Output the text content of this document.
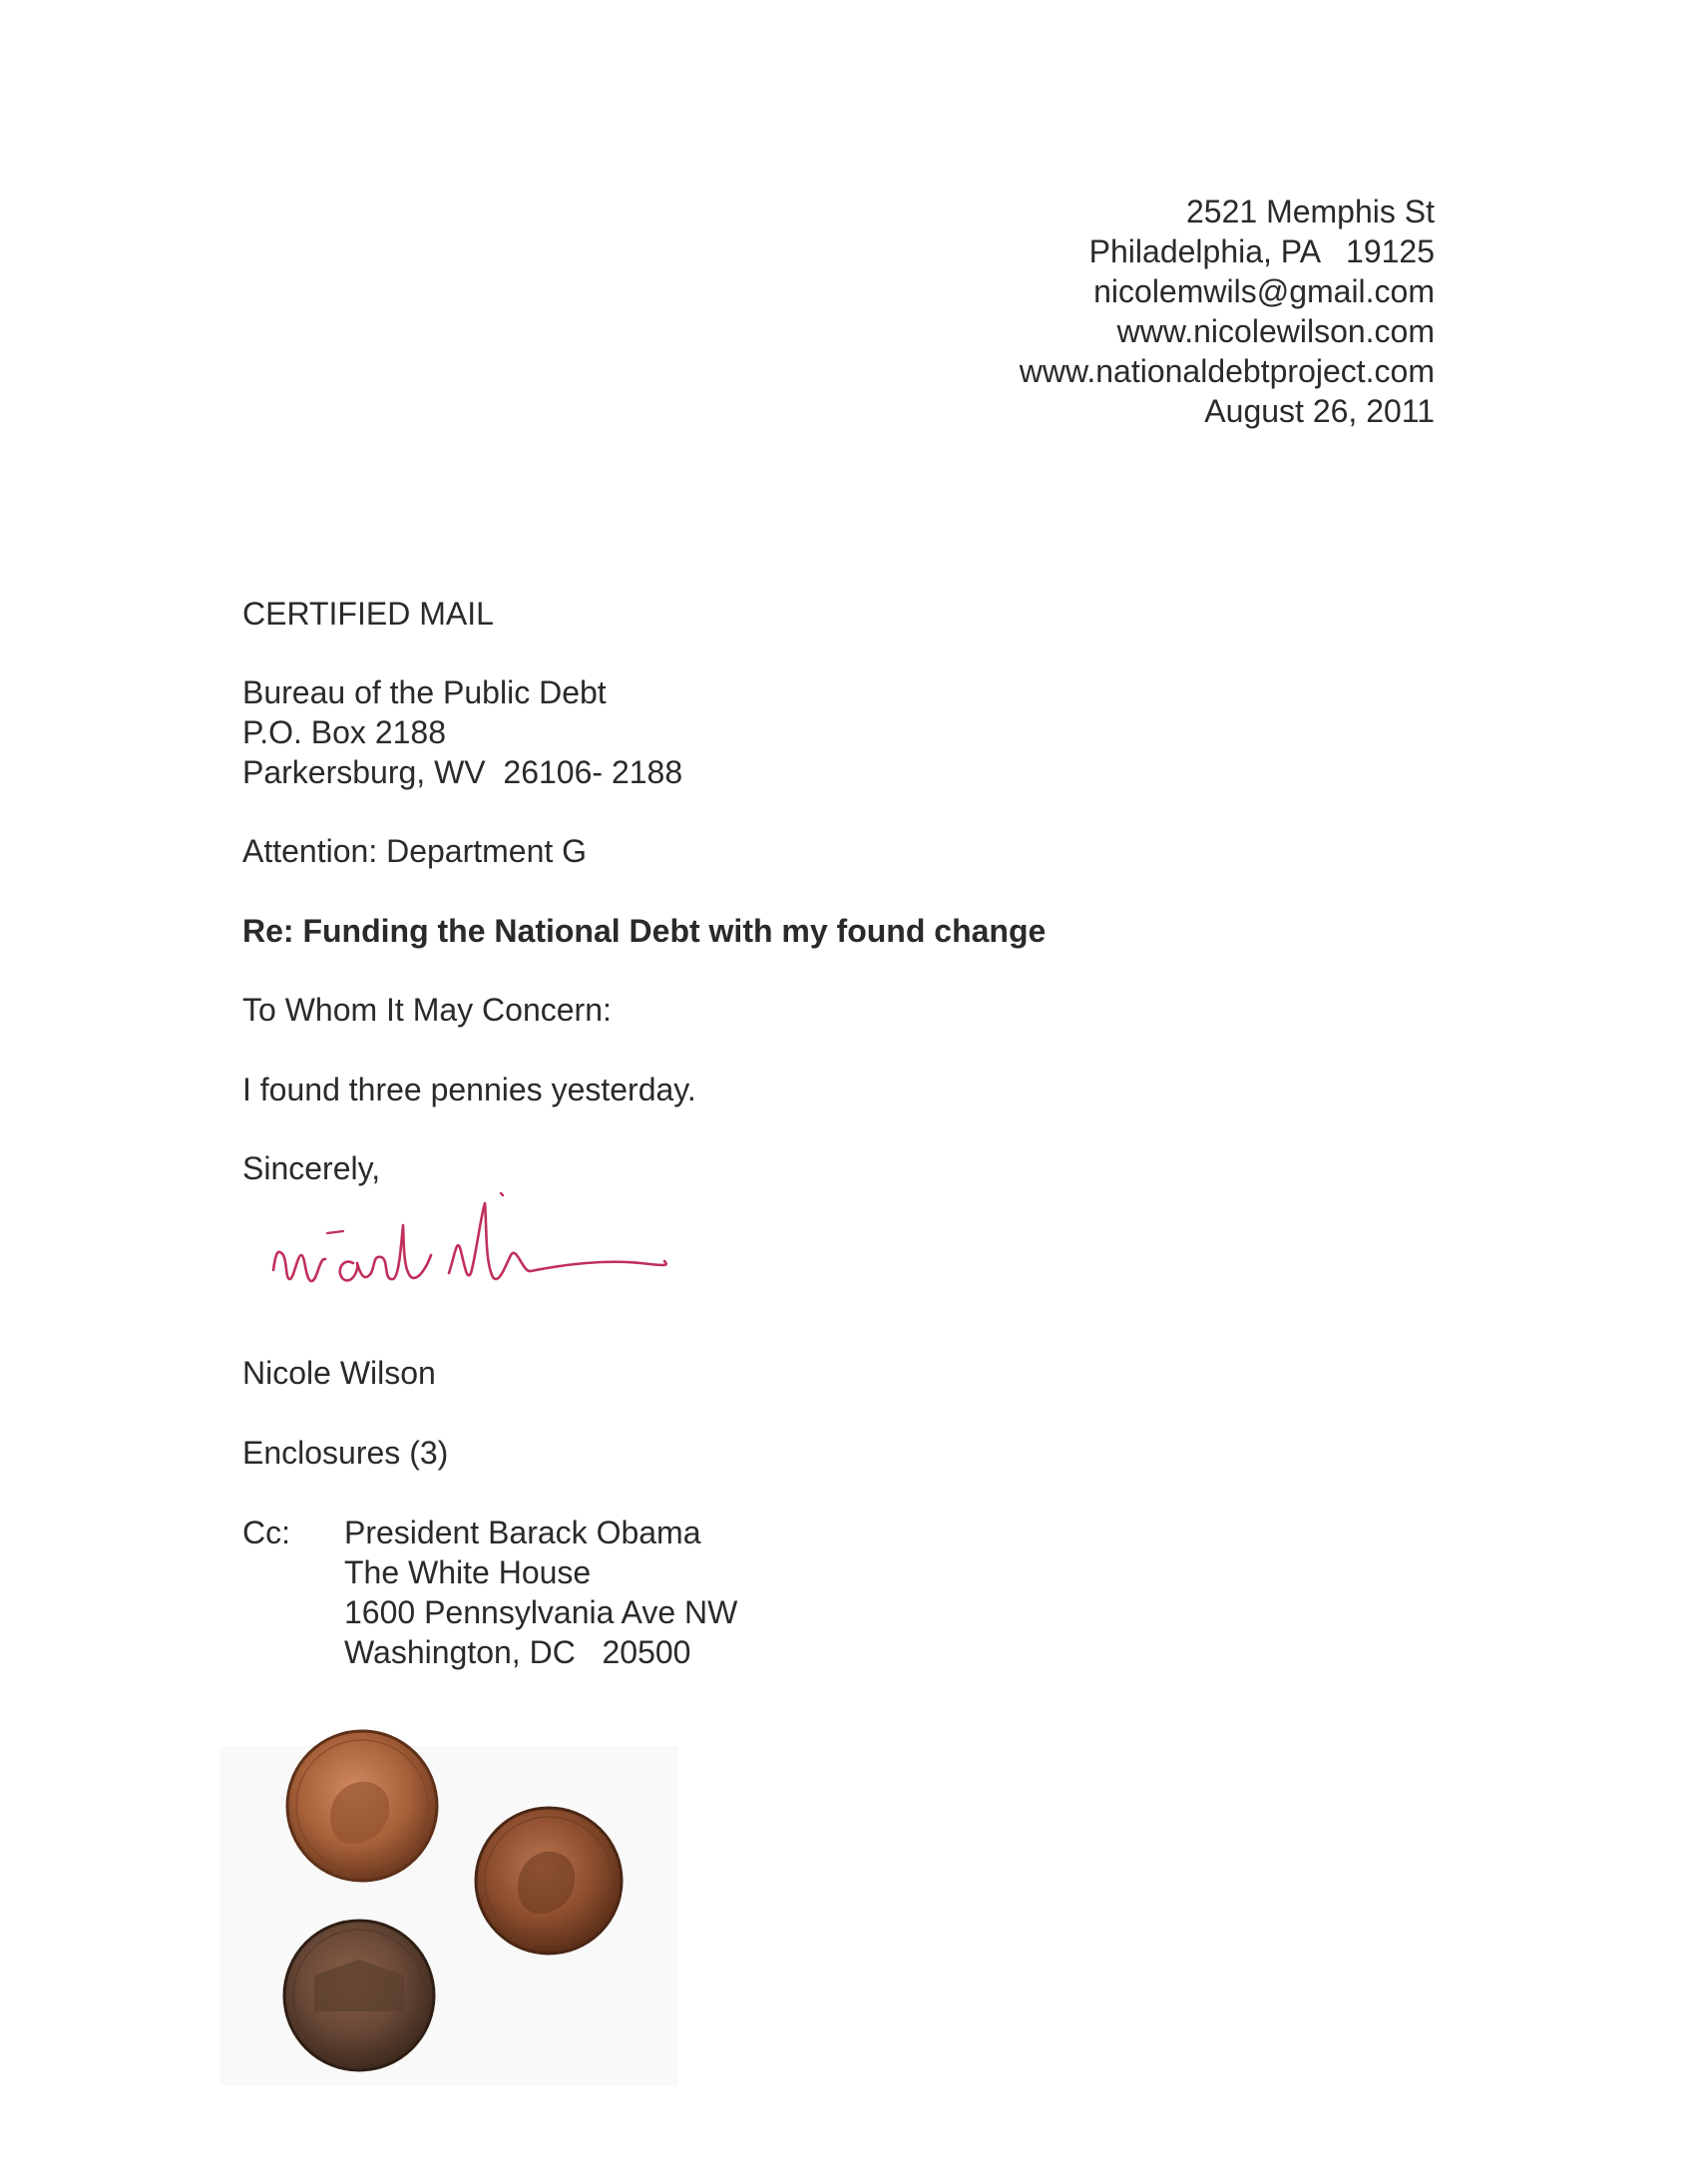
2521 Memphis St
Philadelphia, PA   19125
nicolemwils@gmail.com
www.nicolewilson.com
www.nationaldebtproject.com
August 26, 2011
CERTIFIED MAIL
Bureau of the Public Debt
P.O. Box 2188
Parkersburg, WV  26106- 2188
Attention: Department G
Re: Funding the National Debt with my found change
To Whom It May Concern:
I found three pennies yesterday.
Sincerely,
Nicole Wilson
Enclosures (3)
Cc: President Barack Obama
The White House
1600 Pennsylvania Ave NW
Washington, DC   20500
